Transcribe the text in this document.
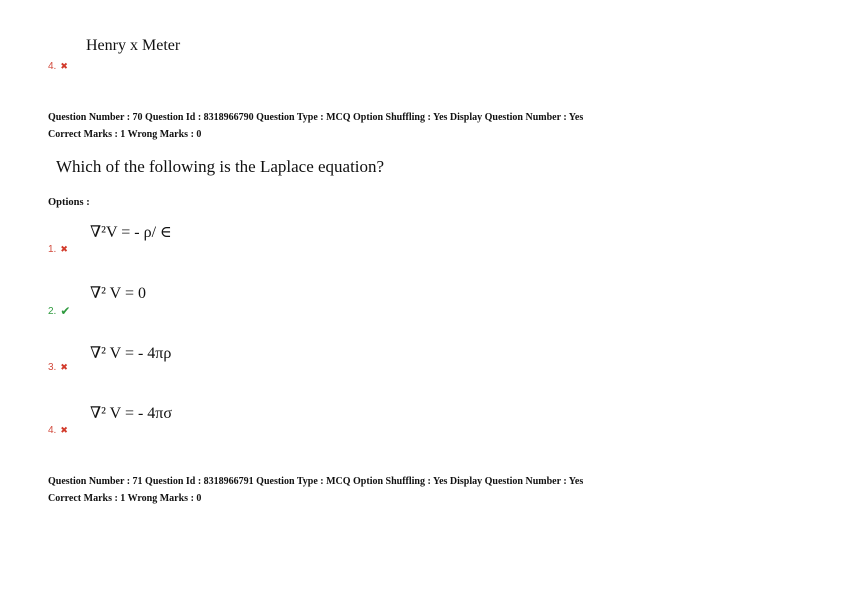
Henry x Meter
4. ✖
Question Number : 70 Question Id : 8318966790 Question Type : MCQ Option Shuffling : Yes Display Question Number : Yes
Correct Marks : 1 Wrong Marks : 0
Which of the following is the Laplace equation?
Options :
∇²V = - ρ/ ∈
1. ✖
∇² V = 0
2. ✔
∇² V = - 4πρ
3. ✖
∇² V = - 4πσ
4. ✖
Question Number : 71 Question Id : 8318966791 Question Type : MCQ Option Shuffling : Yes Display Question Number : Yes
Correct Marks : 1 Wrong Marks : 0
